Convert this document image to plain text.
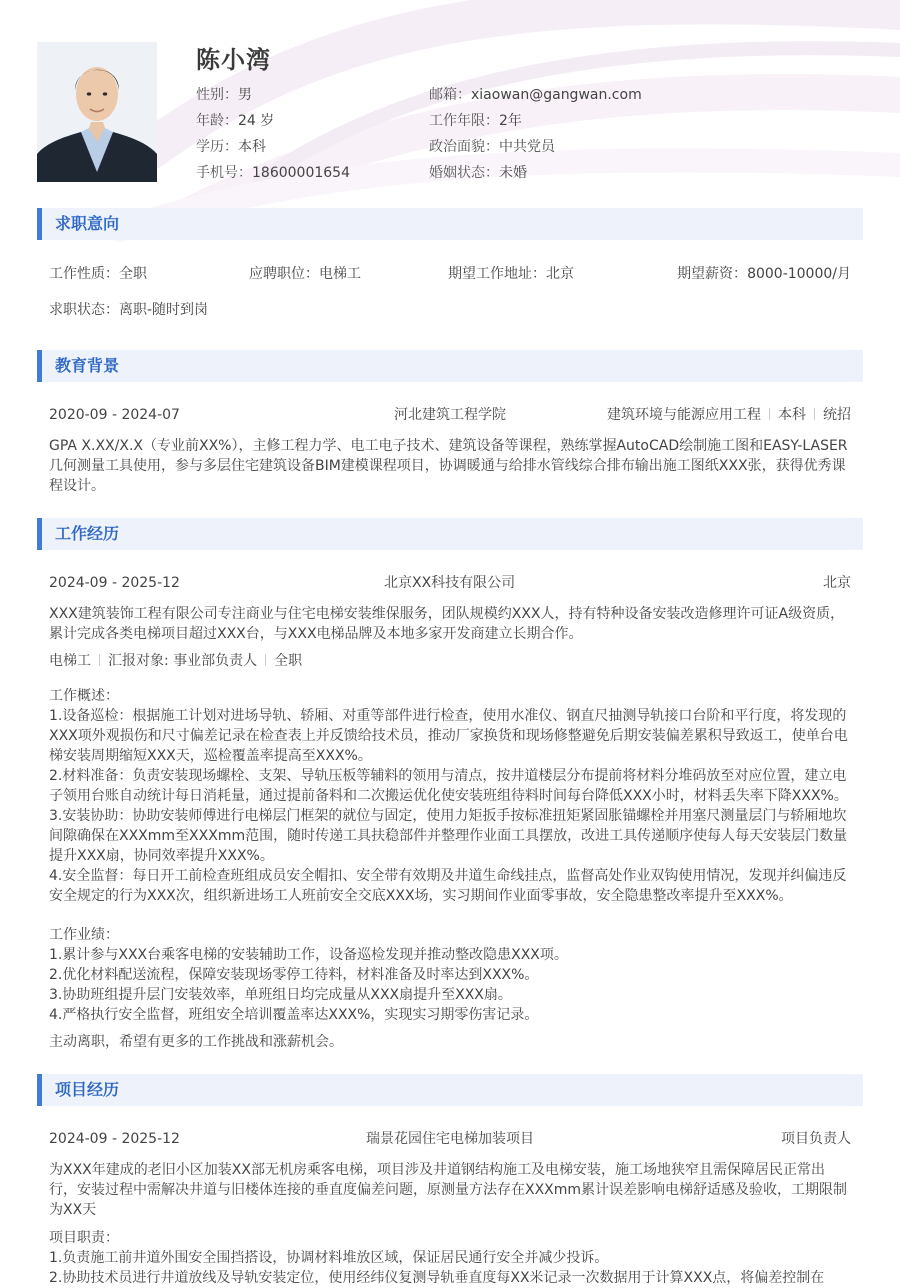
陈小湾
性别：男
年龄：24 岁
学历：本科
手机号：18600001654
邮箱：xiaowan@gangwan.com
工作年限：2年
政治面貌：中共党员
婚姻状态：未婚
求职意向
工作性质：全职	应聘职位：电梯工	期望工作地址：北京	期望薪资：8000-10000/月
求职状态：离职-随时到岗
教育背景
2020-09 - 2024-07	河北建筑工程学院	建筑环境与能源应用工程 本科 统招

GPA X.XX/X.X（专业前XX%），主修工程力学、电工电子技术、建筑设备等课程，熟练掌握AutoCAD绘制施工图和EASY-LASER几何测量工具使用，参与多层住宅建筑设备BIM建模课程项目，协调暖通与给排水管线综合排布输出施工图纸XXX张，获得优秀课程设计。

工作经历
2024-09 - 2025-12	北京XX科技有限公司	北京

XXX建筑装饰工程有限公司专注商业与住宅电梯安装维保服务，团队规模约XXX人，持有特种设备安装改造修理许可证A级资质，累计完成各类电梯项目超过XXX台，与XXX电梯品牌及本地多家开发商建立长期合作。

电梯工 汇报对象: 事业部负责人 全职

工作概述：

1.设备巡检：根据施工计划对进场导轨、轿厢、对重等部件进行检查，使用水准仪、钢直尺抽测导轨接口台阶和平行度，将发现的XXX项外观损伤和尺寸偏差记录在检查表上并反馈给技术员，推动厂家换货和现场修整避免后期安装偏差累积导致返工，使单台电梯安装周期缩短XXX天，巡检覆盖率提高至XXX%。

2.材料准备：负责安装现场螺栓、支架、导轨压板等辅料的领用与清点，按井道楼层分布提前将材料分堆码放至对应位置，建立电子领用台账自动统计每日消耗量，通过提前备料和二次搬运优化使安装班组待料时间每台降低XXX小时，材料丢失率下降XXX%。

3.安装协助：协助安装师傅进行电梯层门框架的就位与固定，使用力矩扳手按标准扭矩紧固胀锚螺栓并用塞尺测量层门与轿厢地坎间隙确保在XXXmm至XXXmm范围，随时传递工具扶稳部件并整理作业面工具摆放，改进工具传递顺序使每人每天安装层门数量提升XXX扇，协同效率提升XXX%。

4.安全监督：每日开工前检查班组成员安全帽扣、安全带有效期及井道生命线挂点，监督高处作业双钩使用情况，发现并纠偏违反安全规定的行为XXX次，组织新进场工人班前安全交底XXX场，实习期间作业面零事故，安全隐患整改率提升至XXX%。

工作业绩：

1.累计参与XXX台乘客电梯的安装辅助工作，设备巡检发现并推动整改隐患XXX项。

2.优化材料配送流程，保障安装现场零停工待料，材料准备及时率达到XXX%。

3.协助班组提升层门安装效率，单班组日均完成量从XXX扇提升至XXX扇。

4.严格执行安全监督，班组安全培训覆盖率达XXX%，实现实习期零伤害记录。

主动离职，希望有更多的工作挑战和涨薪机会。

项目经历
2024-09 - 2025-12	瑞景花园住宅电梯加装项目	项目负责人

为XXX年建成的老旧小区加装XX部无机房乘客电梯，项目涉及井道钢结构施工及电梯安装，施工场地狭窄且需保障居民正常出行，安装过程中需解决井道与旧楼体连接的垂直度偏差问题，原测量方法存在XXXmm累计误差影响电梯舒适感及验收，工期限制为XX天

项目职责：

1.负责施工前井道外围安全围挡搭设，协调材料堆放区域，保证居民通行安全并减少投诉。

2.协助技术员进行井道放线及导轨安装定位，使用经纬仪复测导轨垂直度每XX米记录一次数据用于计算XXX点，将偏差控制在
